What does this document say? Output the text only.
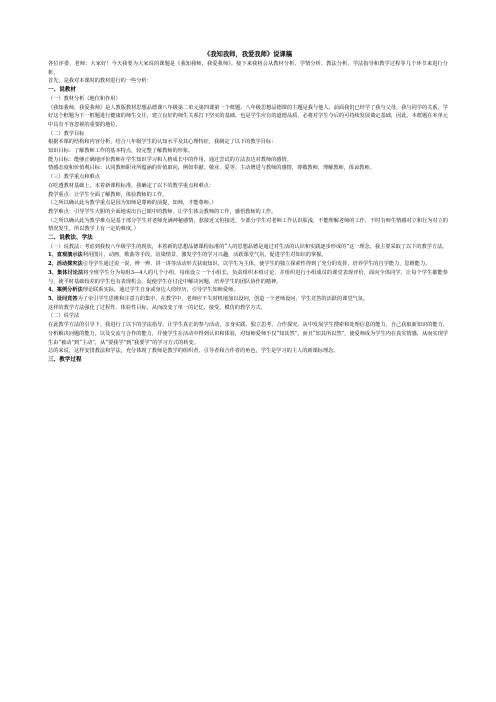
《我知我师，我爱我师》说课稿

各位评委、老师：大家好！今天我要为大家说的课题是《我知我师，我爱我师》。接下来我将会从教材分析、学情分析、教法分析、学法指导和教学过程等几个环节来进行分析。

首先，是我对本课时的教材进行的一些分析：

一、说教材

（一）教材分析（地位和作用）

《我知我师，我爱我师》是人教版教材思想品德课八年级第二单元第四课第一个框题。八年级思想品德课的主题是我与他人，前面我们已经学了我与父母，我与同学的关系，学好这个框题为下一框题进行健康的师生交往，建立良好的师生关系打下坚实的基础，也是学生应有的道德品质，必将对学生今后的可持续发展奠定基础，因此，本框题在本单元中具有不容忽视的重要的地位。

（二）教学目标

根据本课的结构和内容分析，结合八年级学生的认知水平及其心理特征，我制定了以下的教学目标：

知识目标：了解教师工作的基本特点，较完整了解教师的形象。

能力目标：能够正确地评价教师在学生知识学习和人格成长中的作用，通过尝试的方法表达对教师的感情。

情感态度和价值观目标：认同教师职业所蕴涵的价值取向，例如奉献、敬业、爱等；主动增进与教师的感情，尊敬教师，理解教师，体谅教师。

（三）教学重点和难点

在吃透教材基础上，本着新课程标准，我确定了以下的教学重点和难点：

教学重点：让学生全面了解教师，体验教师的工作。

（之所以确认此为教学重点是因为知师是尊师的前提，知师，才能尊师。）

教学难点：引导学生大胆的全面地说出自己眼中的教师，让学生体会教师的工作，感悟教师的工作。

（之所以确认此为教学难点是基于部分学生对老师充满神秘感情，惹接近又怕接近，少部分学生对老师工作认识肤浅，不能理解老师的工作，不时有师生情感对立和行为对立的情况发生，所以教学上有一定的难度。）

二、说教法、学法

（一）说教法：考虑到我校八年级学生的现状，本着新的思想品德课程标准的“人的思想品德是通过对生活的认识和实践逐步形成的”这一理念，我主要采取了以下的教学方法。

1、直观演示法利用图片、动画，歌曲等手段，渲染情景，激发学生的学习兴趣，活跃课堂气氛，促进学生对知识的掌握。

2、活动探究法引导学生通过说一说、辨一辨、讲一讲等活动形式获取知识，以学生为主体，使学生的独立探索性得到了充分的发挥，培养学生的自学能力、思维能力。

3、集体讨论法将全班学生分为每组3—4人的几个小组，每组设立一个小组长，负责组织本组讨论，并组织进行小组成员的课堂表现评价，面向全体同学，让每个学生都能参与，使平时基础较差的学生也有表现机会。促使学生在讨论中解决问题，培养学生的团队协作的精神。

4、案例分析法理论联系实际，通过学生自身或身边人的经历，引导学生知师爱师。

5、设问竞答为了牵引学生思维和注意力的集中，在教学中，老师应不失时机地加以设问，创造一个老师设问，学生竞答的活跃的课堂气氛。

这样的教学方法强化了过程性、体验性目标，从而改变了单一的记忆、接受、模仿的教学方式。

（二）说学法

在此教学方法的引导下，我进行了以下的学法指导，让学生真正的参与活动，亲身实践、独立思考、合作探究，从中发展学生搜索和处理信息的能力、自己获取新知识的能力、分析解决问题的能力，以及交流与合作的能力，并使学生在活动中得到认识和体验，对知师爱师不仅“知其然”，而且“知其所以然”，使爱师成为学生内在真实情感，从而实现学生由“被动”到“主动”，从“要我学”到“我要学”的学习方式的转变。

总的来说，这样安排教法和学法，充分体现了教师是教学的组织者、引导者和合作者的角色，学生是学习的主人的新课标理念。

三、教学过程
